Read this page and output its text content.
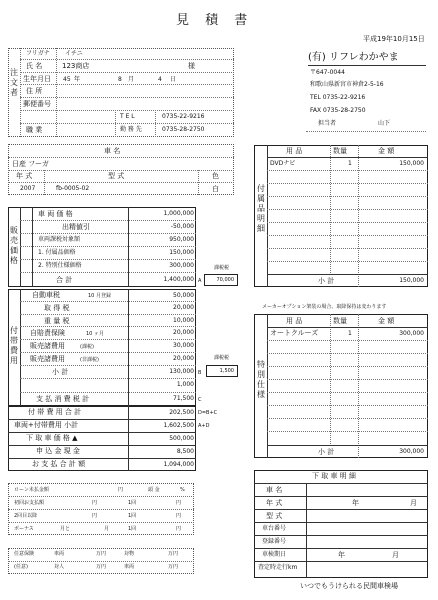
見 積 書
平成19年10月15日
注文者
フリガナ	イチニ
氏 名	123商店	様
生年月日 45 年	8 月	4 日
住 所
郵便番号
T E L	0735-22-9216
職 業	勤 務 先	0735-28-2750
(有) リフレわかやま
〒647-0044
和歌山県新宮市神倉2-5-16
TEL 0735-22-9216
FAX 0735-28-2750
担当者	山下
車 名
日産 フーガ
年 式	型 式	色
2007	fb-0005-02	白
販売価格
車 両 価 格	1,000,000
出精値引	-50,000
車両課税対象額	950,000
1. 付属品価格	150,000
2. 特別仕様価格	300,000
合 計	1,400,000 A
課税税
70,000
付帯費用
自動車税	10 月登録	50,000
取 得 税	20,000
重 量 税	10,000
自賠責保険	10 ヶ月	20,000
販売諸費用	(課税)	30,000
販売諸費用	(非課税)	20,000
小 計	130,000 B
課税税
1,500
1,000
支 払 消 費 税 計	71,500 C
付 帯 費 用 合 計	202,500 D=B+C
車両+付帯費用 小計	1,602,500 A+D
下 取 車 価 格 ▲	500,000
申 込 金 現 金	8,500
お 支 払 合 計 額	1,094,000
付属品明細
用 品	数量	金 額
DVDナビ	1	150,000
小 計	150,000
メーカーオプション架装の場合、取降保持は変わります
特別仕様
用 品	数量	金 額
オートクルーズ	1	300,000
小 計	300,000
下 取 車 明 細
車 名
年 式	年	月
型 式
車台番号
登録番号
車検期日	年	月
査定時走行km
いつでもうけられる民間車検場
ローン未払金額	円	頭 金	%
初回お支払額	円	1回	円
2回目以降	円	1回	円
ボーナス	月と	月	1回	円
任意保険	車両	万円	対物	万円
(任意)	対人	万円	車両	万円
